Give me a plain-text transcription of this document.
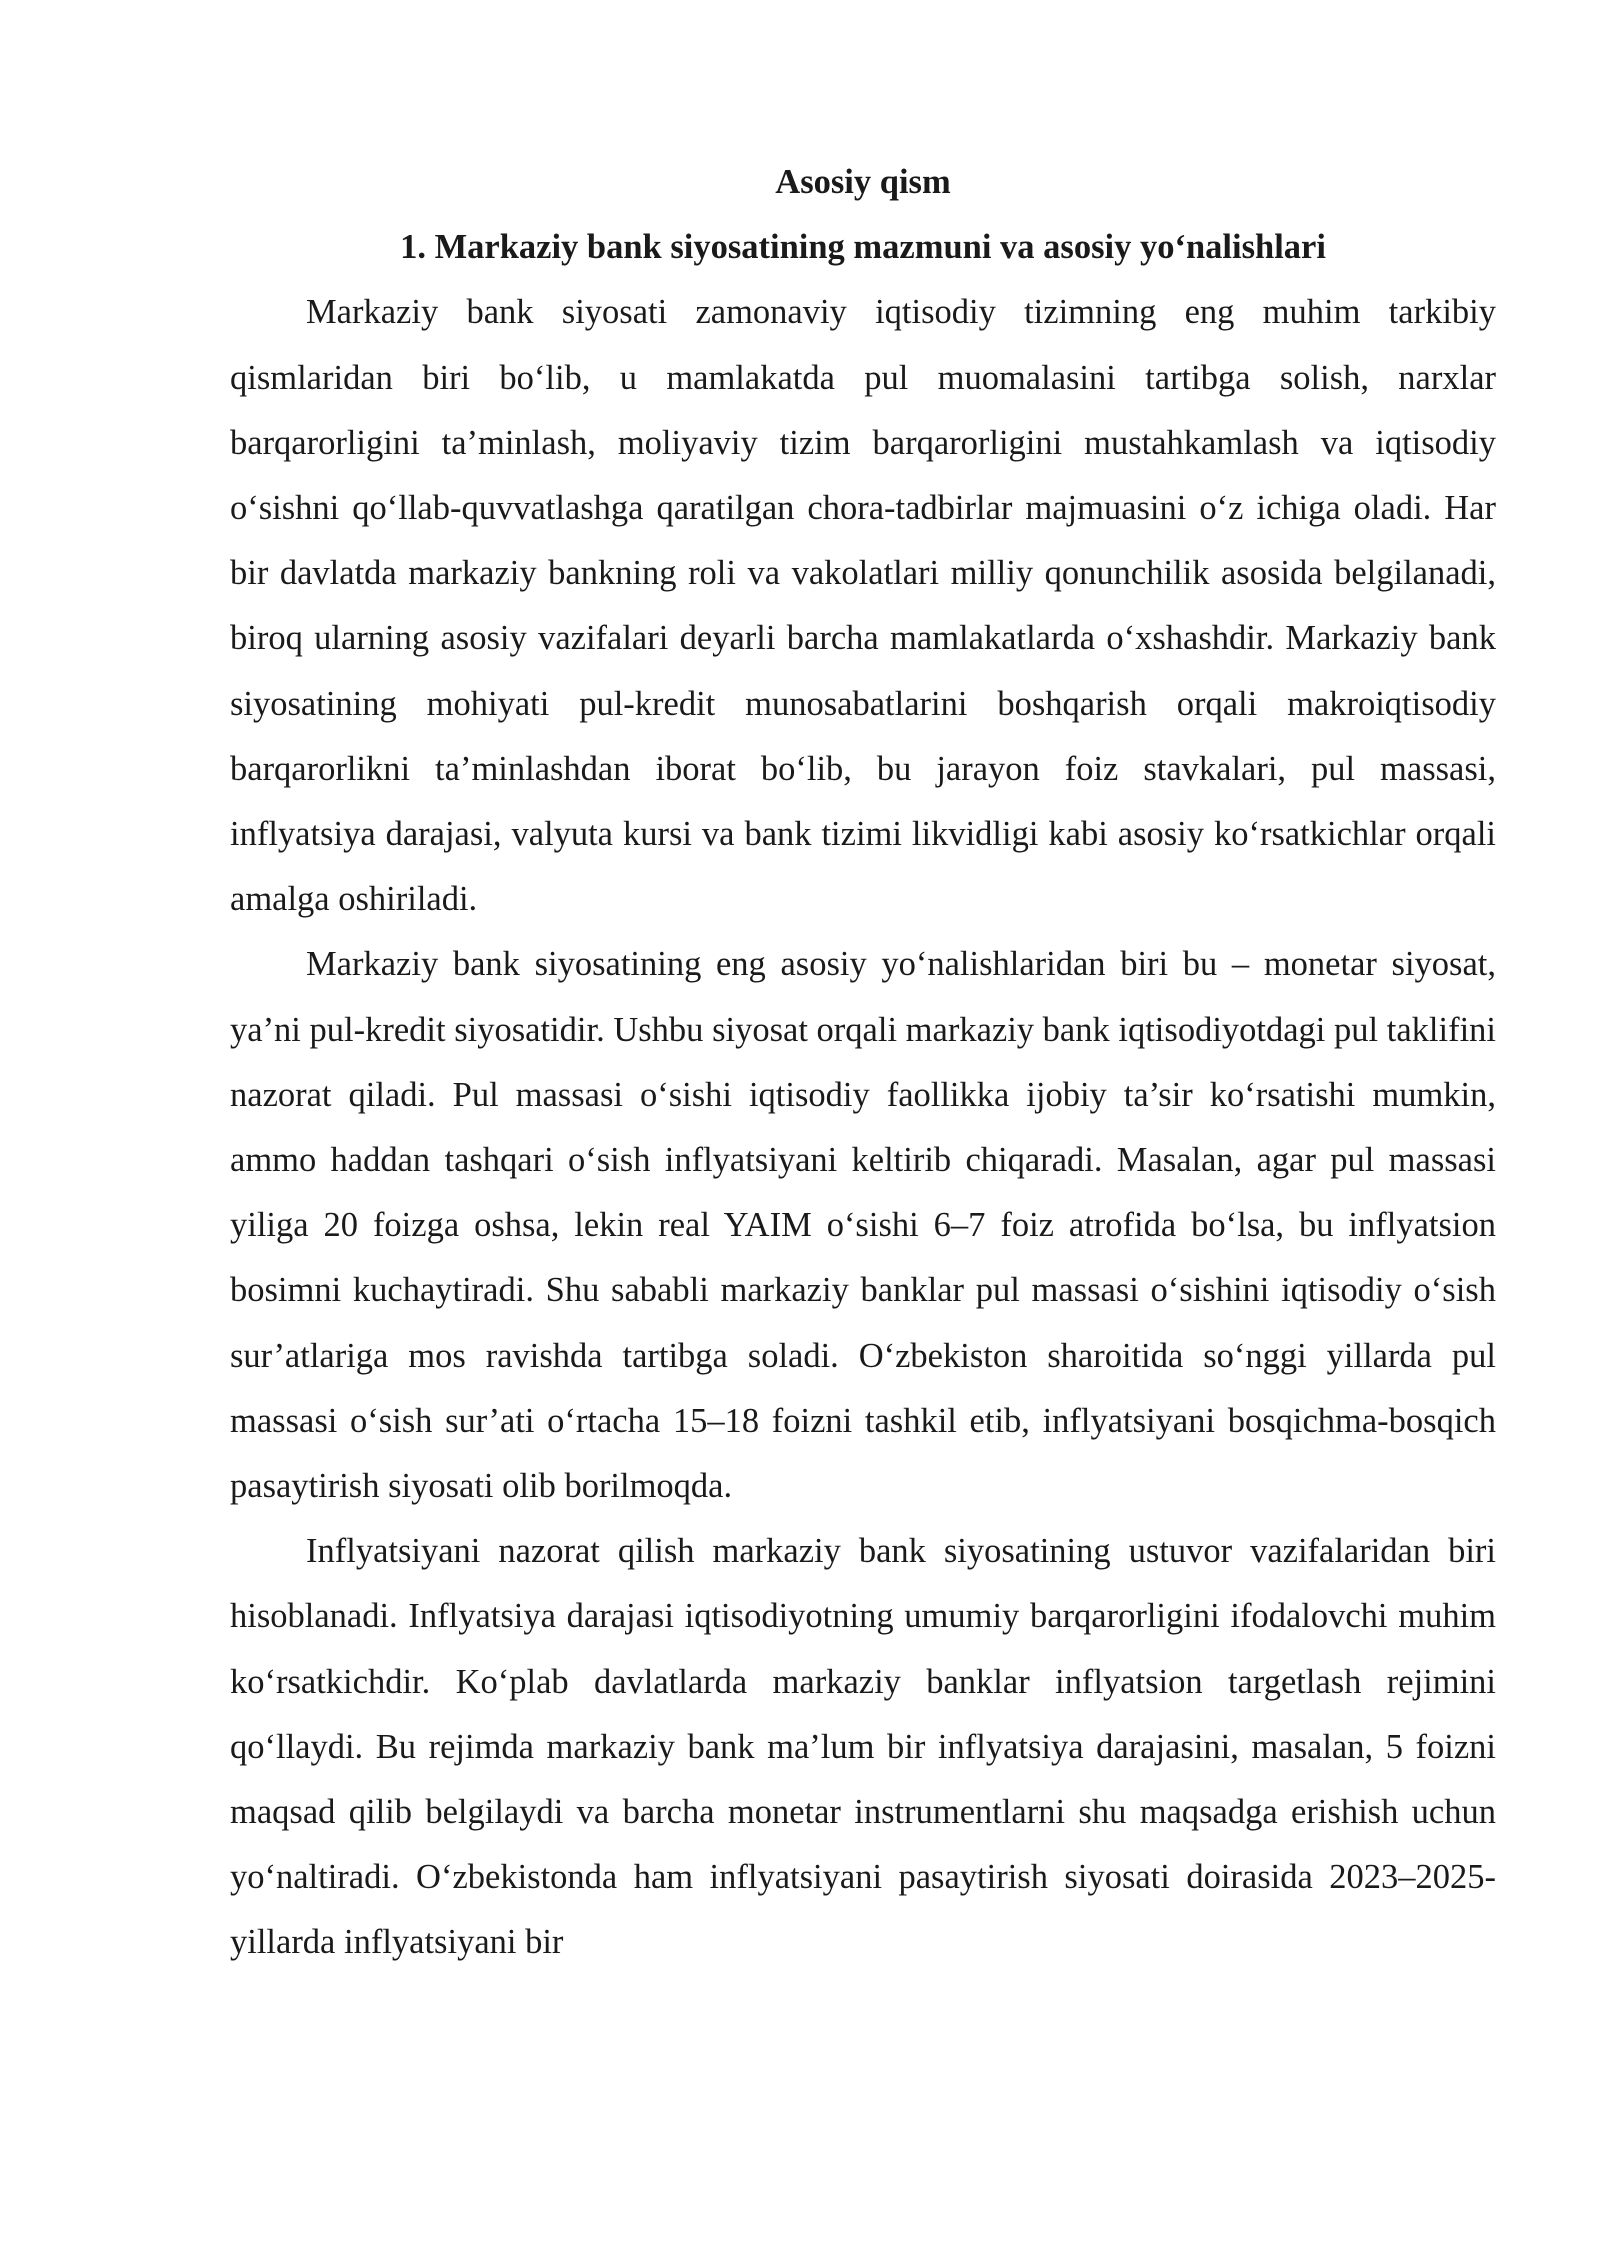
Asosiy qism
1. Markaziy bank siyosatining mazmuni va asosiy yo‘nalishlari

Markaziy bank siyosati zamonaviy iqtisodiy tizimning eng muhim tarkibiy qismlaridan biri bo‘lib, u mamlakatda pul muomalasini tartibga solish, narxlar barqarorligini ta’minlash, moliyaviy tizim barqarorligini mustahkamlash va iqtisodiy o‘sishni qo‘llab-quvvatlashga qaratilgan chora-tadbirlar majmuasini o‘z ichiga oladi. Har bir davlatda markaziy bankning roli va vakolatlari milliy qonunchilik asosida belgilanadi, biroq ularning asosiy vazifalari deyarli barcha mamlakatlarda o‘xshashdir. Markaziy bank siyosatining mohiyati pul-kredit munosabatlarini boshqarish orqali makroiqtisodiy barqarorlikni ta’minlashdan iborat bo‘lib, bu jarayon foiz stavkalari, pul massasi, inflyatsiya darajasi, valyuta kursi va bank tizimi likvidligi kabi asosiy ko‘rsatkichlar orqali amalga oshiriladi.

Markaziy bank siyosatining eng asosiy yo‘nalishlaridan biri bu – monetar siyosat, ya’ni pul-kredit siyosatidir. Ushbu siyosat orqali markaziy bank iqtisodiyotdagi pul taklifini nazorat qiladi. Pul massasi o‘sishi iqtisodiy faollikka ijobiy ta’sir ko‘rsatishi mumkin, ammo haddan tashqari o‘sish inflyatsiyani keltirib chiqaradi. Masalan, agar pul massasi yiliga 20 foizga oshsa, lekin real YAIM o‘sishi 6–7 foiz atrofida bo‘lsa, bu inflyatsion bosimni kuchaytiradi. Shu sababli markaziy banklar pul massasi o‘sishini iqtisodiy o‘sish sur’atlariga mos ravishda tartibga soladi. O‘zbekiston sharoitida so‘nggi yillarda pul massasi o‘sish sur’ati o‘rtacha 15–18 foizni tashkil etib, inflyatsiyani bosqichma-bosqich pasaytirish siyosati olib borilmoqda.

Inflyatsiyani nazorat qilish markaziy bank siyosatining ustuvor vazifalaridan biri hisoblanadi. Inflyatsiya darajasi iqtisodiyotning umumiy barqarorligini ifodalovchi muhim ko‘rsatkichdir. Ko‘plab davlatlarda markaziy banklar inflyatsion targetlash rejimini qo‘llaydi. Bu rejimda markaziy bank ma’lum bir inflyatsiya darajasini, masalan, 5 foizni maqsad qilib belgilaydi va barcha monetar instrumentlarni shu maqsadga erishish uchun yo‘naltiradi. O‘zbekistonda ham inflyatsiyani pasaytirish siyosati doirasida 2023–2025-yillarda inflyatsiyani bir
